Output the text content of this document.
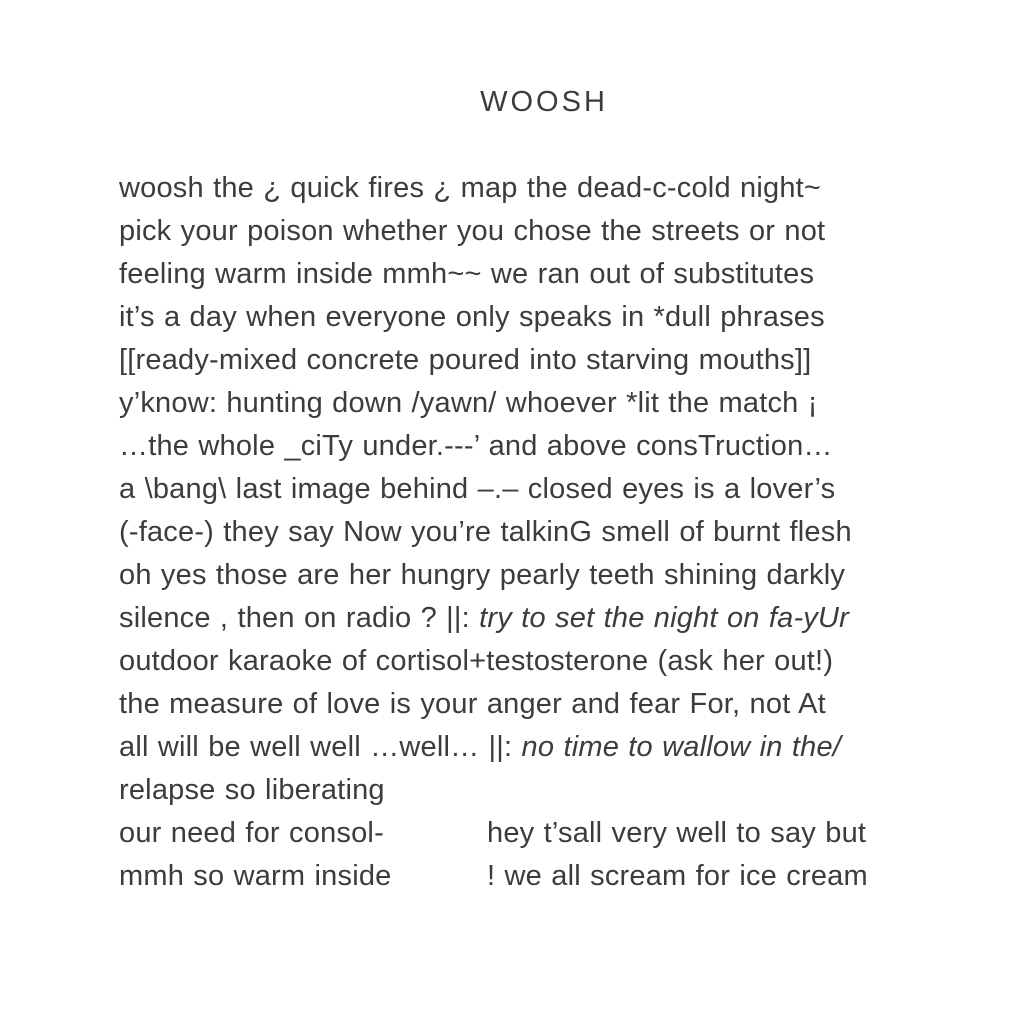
WOOSH
woosh the ¿ quick fires ¿ map the dead-c-cold night~
pick your poison whether you chose the streets or not
feeling warm inside mmh~~ we ran out of substitutes
it’s a day when everyone only speaks in *dull phrases
[[ready-mixed concrete poured into starving mouths]]
y’know: hunting down /yawn/ whoever *lit the match ¡
…the whole _ciTy under.---’ and above consTruction…
a \bang\ last image behind –.– closed eyes is a lover’s
(-face-) they say Now you’re talkinG smell of burnt flesh
oh yes those are her hungry pearly teeth shining darkly
silence , then on radio ? ||: try to set the night on fa-yUr
outdoor karaoke of cortisol+testosterone (ask her out!)
the measure of love is your anger and fear For, not At
all will be well well …well… ||: no time to wallow in the/
relapse so liberating
our need for consol-	hey t’sall very well to say but
mmh so warm inside	! we all scream for ice cream
